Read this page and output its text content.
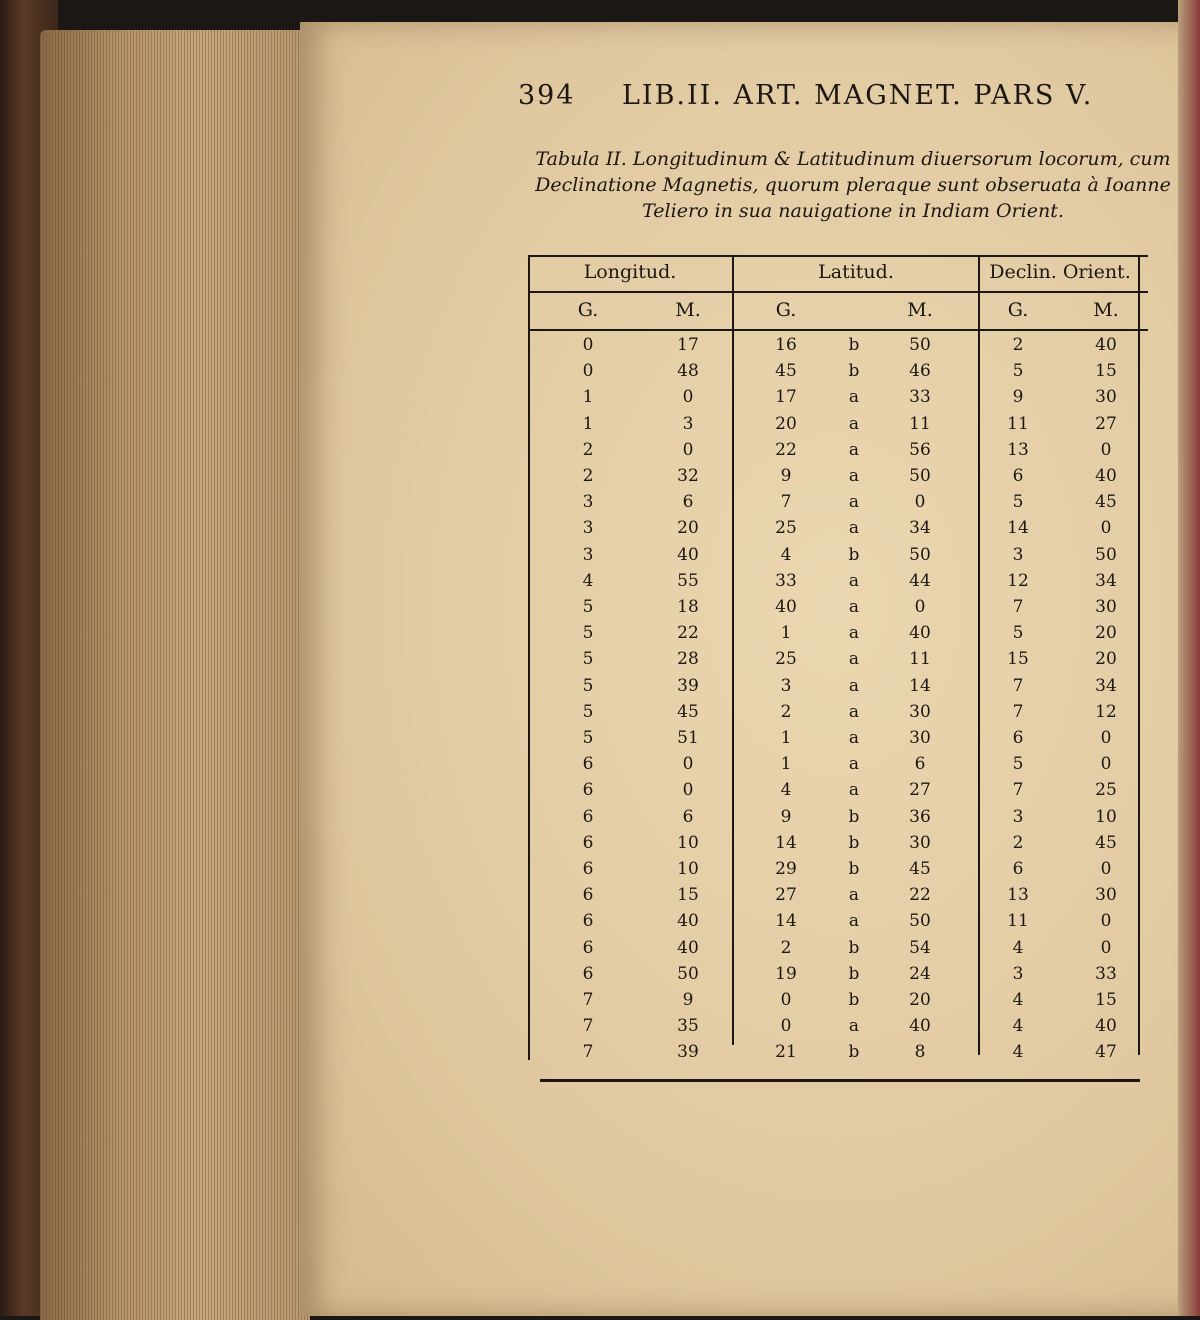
394 LIB.II. ART. MAGNET. PARS V.
Tabula II. Longitudinum & Latitudinum diuersorum locorum, cum
Declinatione Magnetis, quorum pleraque sunt obseruata à Ioanne
Teliero in sua nauigatione in Indiam Orient.
Longitud.	Latitud.	Declin. Orient.
G.	M.	G.	M.	G.	M.
0	17	16	b	50	2	40
0	48	45	b	46	5	15
1	0	17	a	33	9	30
1	3	20	a	11	11	27
2	0	22	a	56	13	0
2	32	9	a	50	6	40
3	6	7	a	0	5	45
3	20	25	a	34	14	0
3	40	4	b	50	3	50
4	55	33	a	44	12	34
5	18	40	a	0	7	30
5	22	1	a	40	5	20
5	28	25	a	11	15	20
5	39	3	a	14	7	34
5	45	2	a	30	7	12
5	51	1	a	30	6	0
6	0	1	a	6	5	0
6	0	4	a	27	7	25
6	6	9	b	36	3	10
6	10	14	b	30	2	45
6	10	29	b	45	6	0
6	15	27	a	22	13	30
6	40	14	a	50	11	0
6	40	2	b	54	4	0
6	50	19	b	24	3	33
7	9	0	b	20	4	15
7	35	0	a	40	4	40
7	39	21	b	8	4	47
